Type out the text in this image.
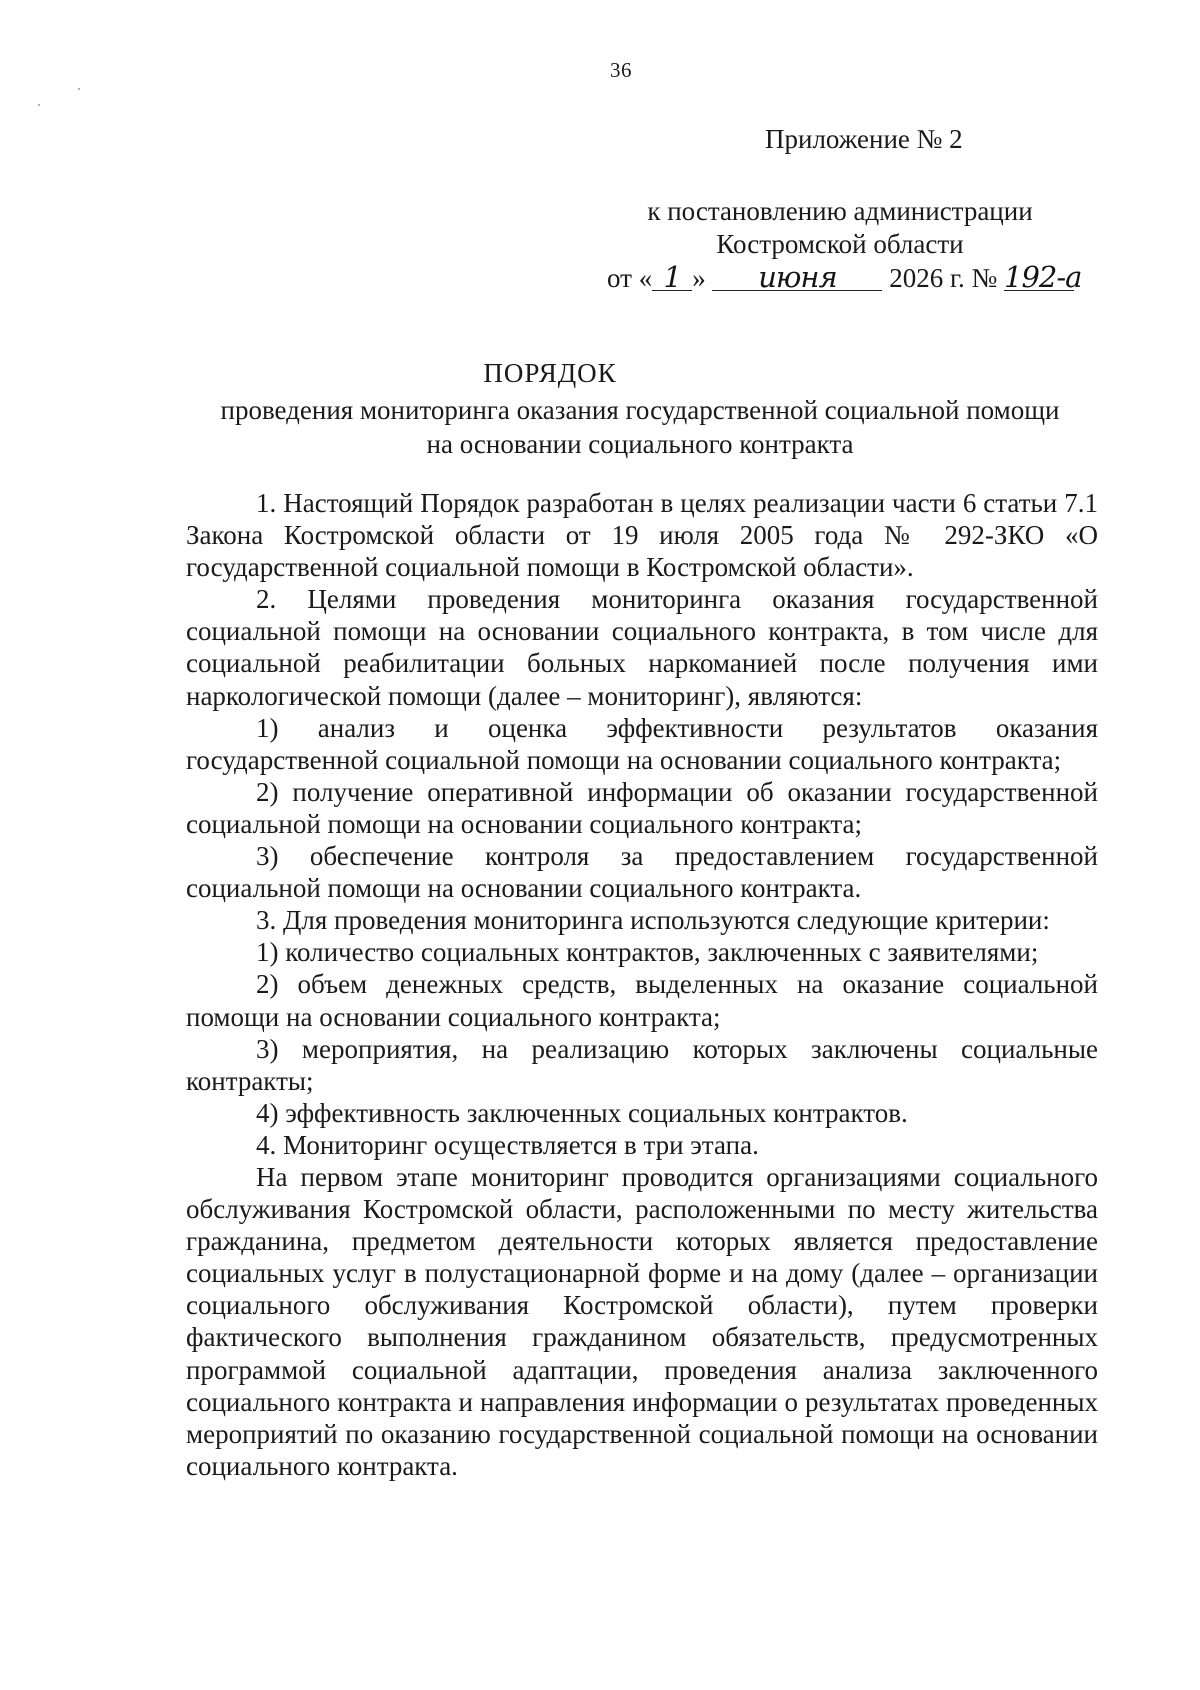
36
Приложение № 2
к постановлению администрации
Костромской области
от « 1 » июня 2026 г. № 192-а
ПОРЯДОК
проведения мониторинга оказания государственной социальной помощи
на основании социального контракта

1. Настоящий Порядок разработан в целях реализации части 6 статьи 7.1 Закона Костромской области от 19 июля 2005 года № 292-ЗКО «О государственной социальной помощи в Костромской области».

2. Целями проведения мониторинга оказания государственной социальной помощи на основании социального контракта, в том числе для социальной реабилитации больных наркоманией после получения ими наркологической помощи (далее – мониторинг), являются:

1) анализ и оценка эффективности результатов оказания государственной социальной помощи на основании социального контракта;

2) получение оперативной информации об оказании государственной социальной помощи на основании социального контракта;

3) обеспечение контроля за предоставлением государственной социальной помощи на основании социального контракта.

3. Для проведения мониторинга используются следующие критерии:

1) количество социальных контрактов, заключенных с заявителями;

2) объем денежных средств, выделенных на оказание социальной помощи на основании социального контракта;

3) мероприятия, на реализацию которых заключены социальные контракты;

4) эффективность заключенных социальных контрактов.

4. Мониторинг осуществляется в три этапа.

На первом этапе мониторинг проводится организациями социального обслуживания Костромской области, расположенными по месту жительства гражданина, предметом деятельности которых является предоставление социальных услуг в полустационарной форме и на дому (далее – организации социального обслуживания Костромской области), путем проверки фактического выполнения гражданином обязательств, предусмотренных программой социальной адаптации, проведения анализа заключенного социального контракта и направления информации о результатах проведенных мероприятий по оказанию государственной социальной помощи на основании социального контракта.
